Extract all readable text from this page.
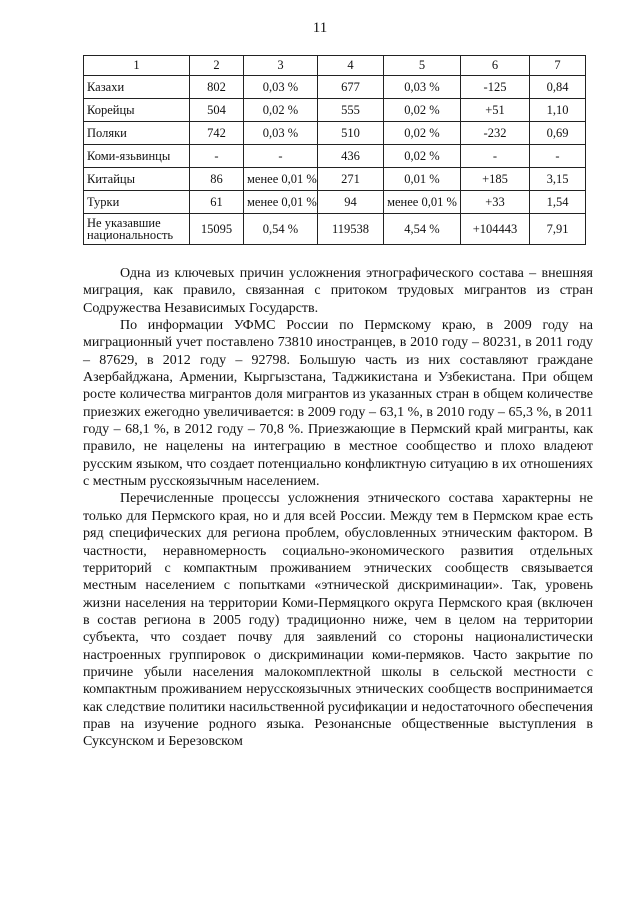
11
1	2	3	4	5	6	7
Казахи	802	0,03 %	677	0,03 %	-125	0,84
Корейцы	504	0,02 %	555	0,02 %	+51	1,10
Поляки	742	0,03 %	510	0,02 %	-232	0,69
Коми-язьвинцы	-	-	436	0,02 %	-	-
Китайцы	86	менее 0,01 %	271	0,01 %	+185	3,15
Турки	61	менее 0,01 %	94	менее 0,01 %	+33	1,54
Не указавшие национальность	15095	0,54 %	119538	4,54 %	+104443	7,91

Одна из ключевых причин усложнения этнографического состава – внешняя миграция, как правило, связанная с притоком трудовых мигрантов из стран Содружества Независимых Государств.

По информации УФМС России по Пермскому краю, в 2009 году на миграционный учет поставлено 73810 иностранцев, в 2010 году – 80231, в 2011 году – 87629, в 2012 году – 92798. Большую часть из них составляют граждане Азербайджана, Армении, Кыргызстана, Таджикистана и Узбекистана. При общем росте количества мигрантов доля мигрантов из указанных стран в общем количестве приезжих ежегодно увеличивается: в 2009 году – 63,1 %, в 2010 году – 65,3 %, в 2011 году – 68,1 %, в 2012 году – 70,8 %. Приезжающие в Пермский край мигранты, как правило, не нацелены на интеграцию в местное сообщество и плохо владеют русским языком, что создает потенциально конфликтную ситуацию в их отношениях с местным русскоязычным населением.

Перечисленные процессы усложнения этнического состава характерны не только для Пермского края, но и для всей России. Между тем в Пермском крае есть ряд специфических для региона проблем, обусловленных этническим фактором. В частности, неравномерность социально-экономического развития отдельных территорий с компактным проживанием этнических сообществ связывается местным населением с попытками «этнической дискриминации». Так, уровень жизни населения на территории Коми-Пермяцкого округа Пермского края (включен в состав региона в 2005 году) традиционно ниже, чем в целом на территории субъекта, что создает почву для заявлений со стороны националистически настроенных группировок о дискриминации коми-пермяков. Часто закрытие по причине убыли населения малокомплектной школы в сельской местности с компактным проживанием нерусскоязычных этнических сообществ воспринимается как следствие политики насильственной русификации и недостаточного обеспечения прав на изучение родного языка. Резонансные общественные выступления в Суксунском и Березовском
